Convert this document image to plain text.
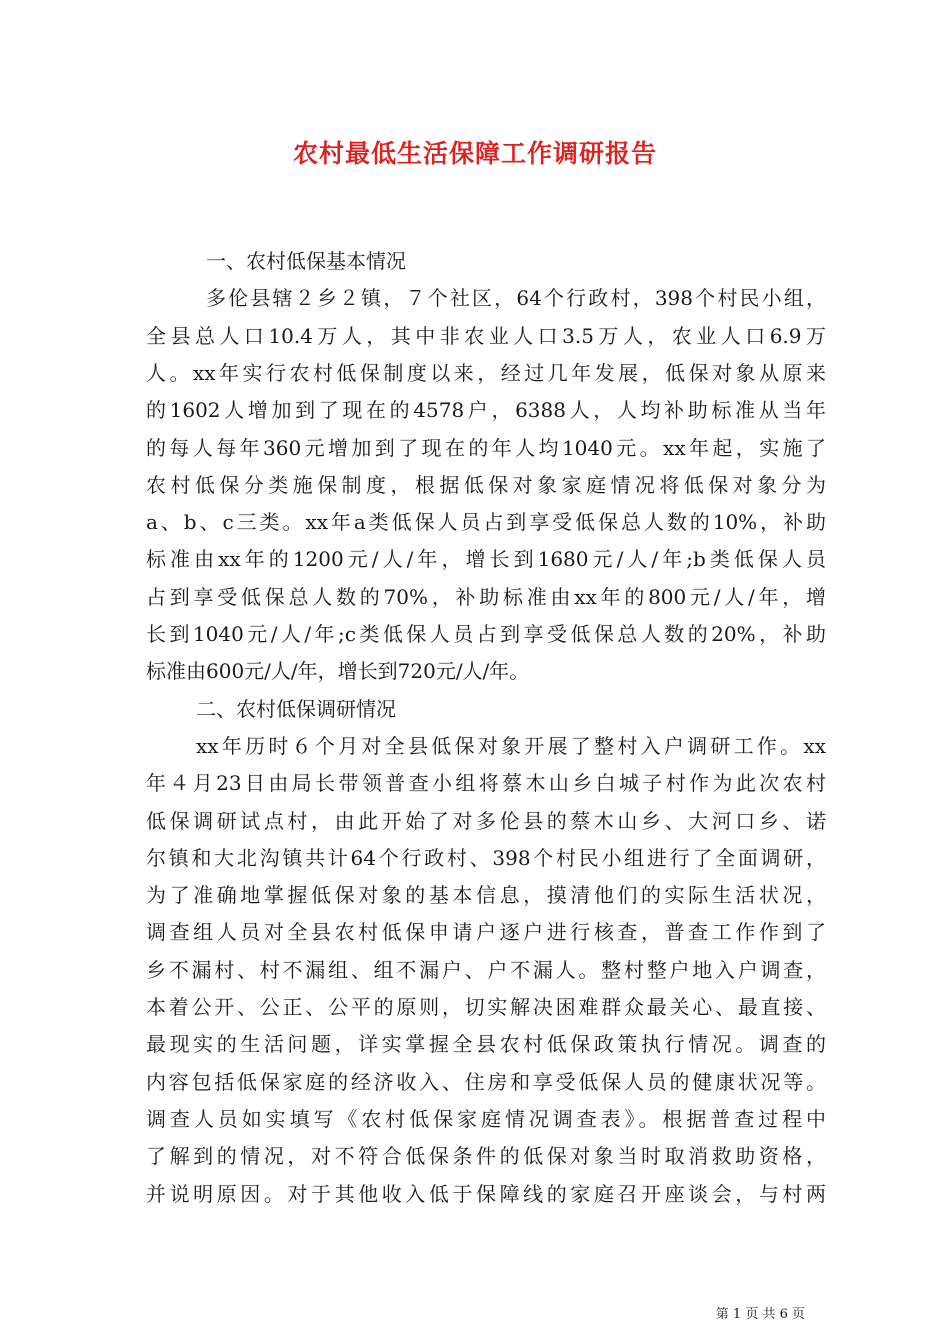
农村最低生活保障工作调研报告
一、农村低保基本情况
多伦县辖２乡２镇，７个社区，64个行政村，398个村民小组，
全县总人口10.4万人，其中非农业人口3.5万人，农业人口6.9万
人。xx年实行农村低保制度以来，经过几年发展，低保对象从原来
的1602人增加到了现在的4578户，6388人，人均补助标准从当年
的每人每年360元增加到了现在的年人均1040元。xx年起，实施了
农村低保分类施保制度，根据低保对象家庭情况将低保对象分为
a、b、c三类。xx年a类低保人员占到享受低保总人数的10%，补助
标准由xx年的1200元/人/年，增长到1680元/人/年;b类低保人员
占到享受低保总人数的70%，补助标准由xx年的800元/人/年，增
长到1040元/人/年;c类低保人员占到享受低保总人数的20%，补助
标准由600元/人/年，增长到720元/人/年。
二、农村低保调研情况
xx年历时６个月对全县低保对象开展了整村入户调研工作。xx
年４月23日由局长带领普查小组将蔡木山乡白城子村作为此次农村
低保调研试点村，由此开始了对多伦县的蔡木山乡、大河口乡、诺
尔镇和大北沟镇共计64个行政村、398个村民小组进行了全面调研，
为了准确地掌握低保对象的基本信息，摸清他们的实际生活状况，
调查组人员对全县农村低保申请户逐户进行核查，普查工作作到了
乡不漏村、村不漏组、组不漏户、户不漏人。整村整户地入户调查，
本着公开、公正、公平的原则，切实解决困难群众最关心、最直接、
最现实的生活问题，详实掌握全县农村低保政策执行情况。调查的
内容包括低保家庭的经济收入、住房和享受低保人员的健康状况等。
调查人员如实填写《农村低保家庭情况调查表》。根据普查过程中
了解到的情况，对不符合低保条件的低保对象当时取消救助资格，
并说明原因。对于其他收入低于保障线的家庭召开座谈会，与村两
第 1 页 共 6 页
